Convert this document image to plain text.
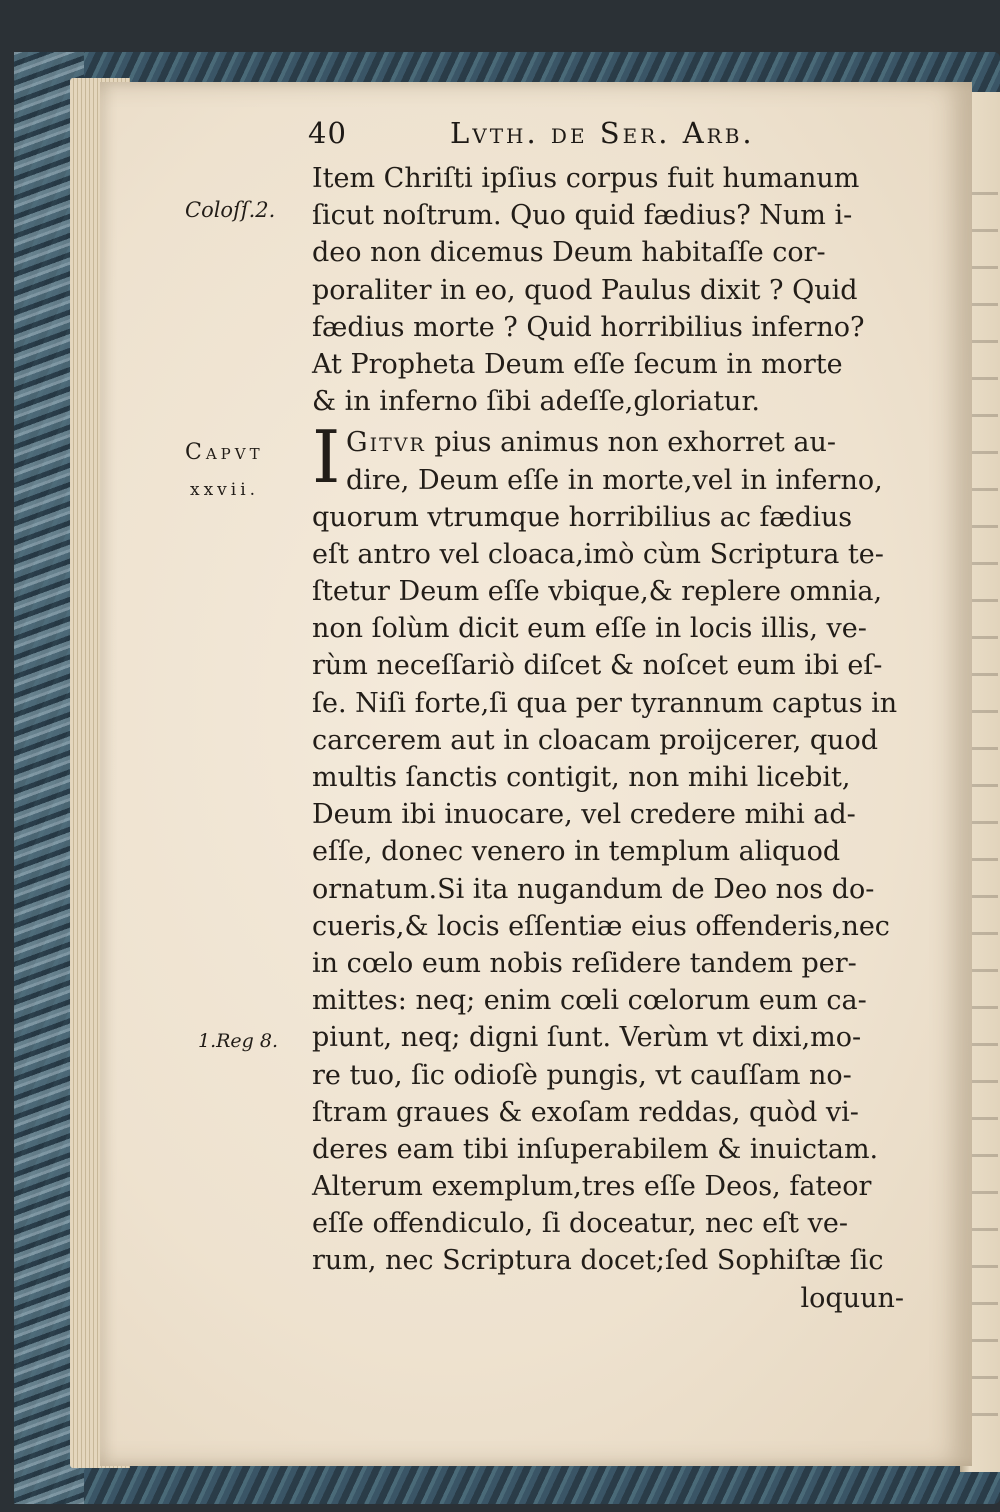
40	Lvth. de Ser. Arb.
Coloſſ.2.
Capvt
xxvii.
1.Reg 8.
Item Chriſti ipſius corpus fuit humanum
ſicut noſtrum. Quo quid fædius? Num i-
deo non dicemus Deum habitaſſe cor-
poraliter in eo, quod Paulus dixit ? Quid
fædius morte ? Quid horribilius inferno?
At Propheta Deum eſſe ſecum in morte
& in inferno ſibi adeſſe,gloriatur.
I Gitvr pius animus non exhorret au-
dire, Deum eſſe in morte,vel in inferno,
quorum vtrumque horribilius ac fædius
eſt antro vel cloaca,imò cùm Scriptura te-
ſtetur Deum eſſe vbique,& replere omnia,
non ſolùm dicit eum eſſe in locis illis, ve-
rùm neceſſariò diſcet & noſcet eum ibi eſ-
ſe. Niſi forte,ſi qua per tyrannum captus in
carcerem aut in cloacam proijcerer, quod
multis ſanctis contigit, non mihi licebit,
Deum ibi inuocare, vel credere mihi ad-
eſſe, donec venero in templum aliquod
ornatum.Si ita nugandum de Deo nos do-
cueris,& locis eſſentiæ eius offenderis,nec
in cœlo eum nobis reſidere tandem per-
mittes: neq; enim cœli cœlorum eum ca-
piunt, neq; digni ſunt. Verùm vt dixi,mo-
re tuo, ſic odioſè pungis, vt cauſſam no-
ſtram graues & exoſam reddas, quòd vi-
deres eam tibi inſuperabilem & inuictam.
Alterum exemplum,tres eſſe Deos, fateor
eſſe offendiculo, ſi doceatur, nec eſt ve-
rum, nec Scriptura docet;ſed Sophiſtæ ſic
loquun-
